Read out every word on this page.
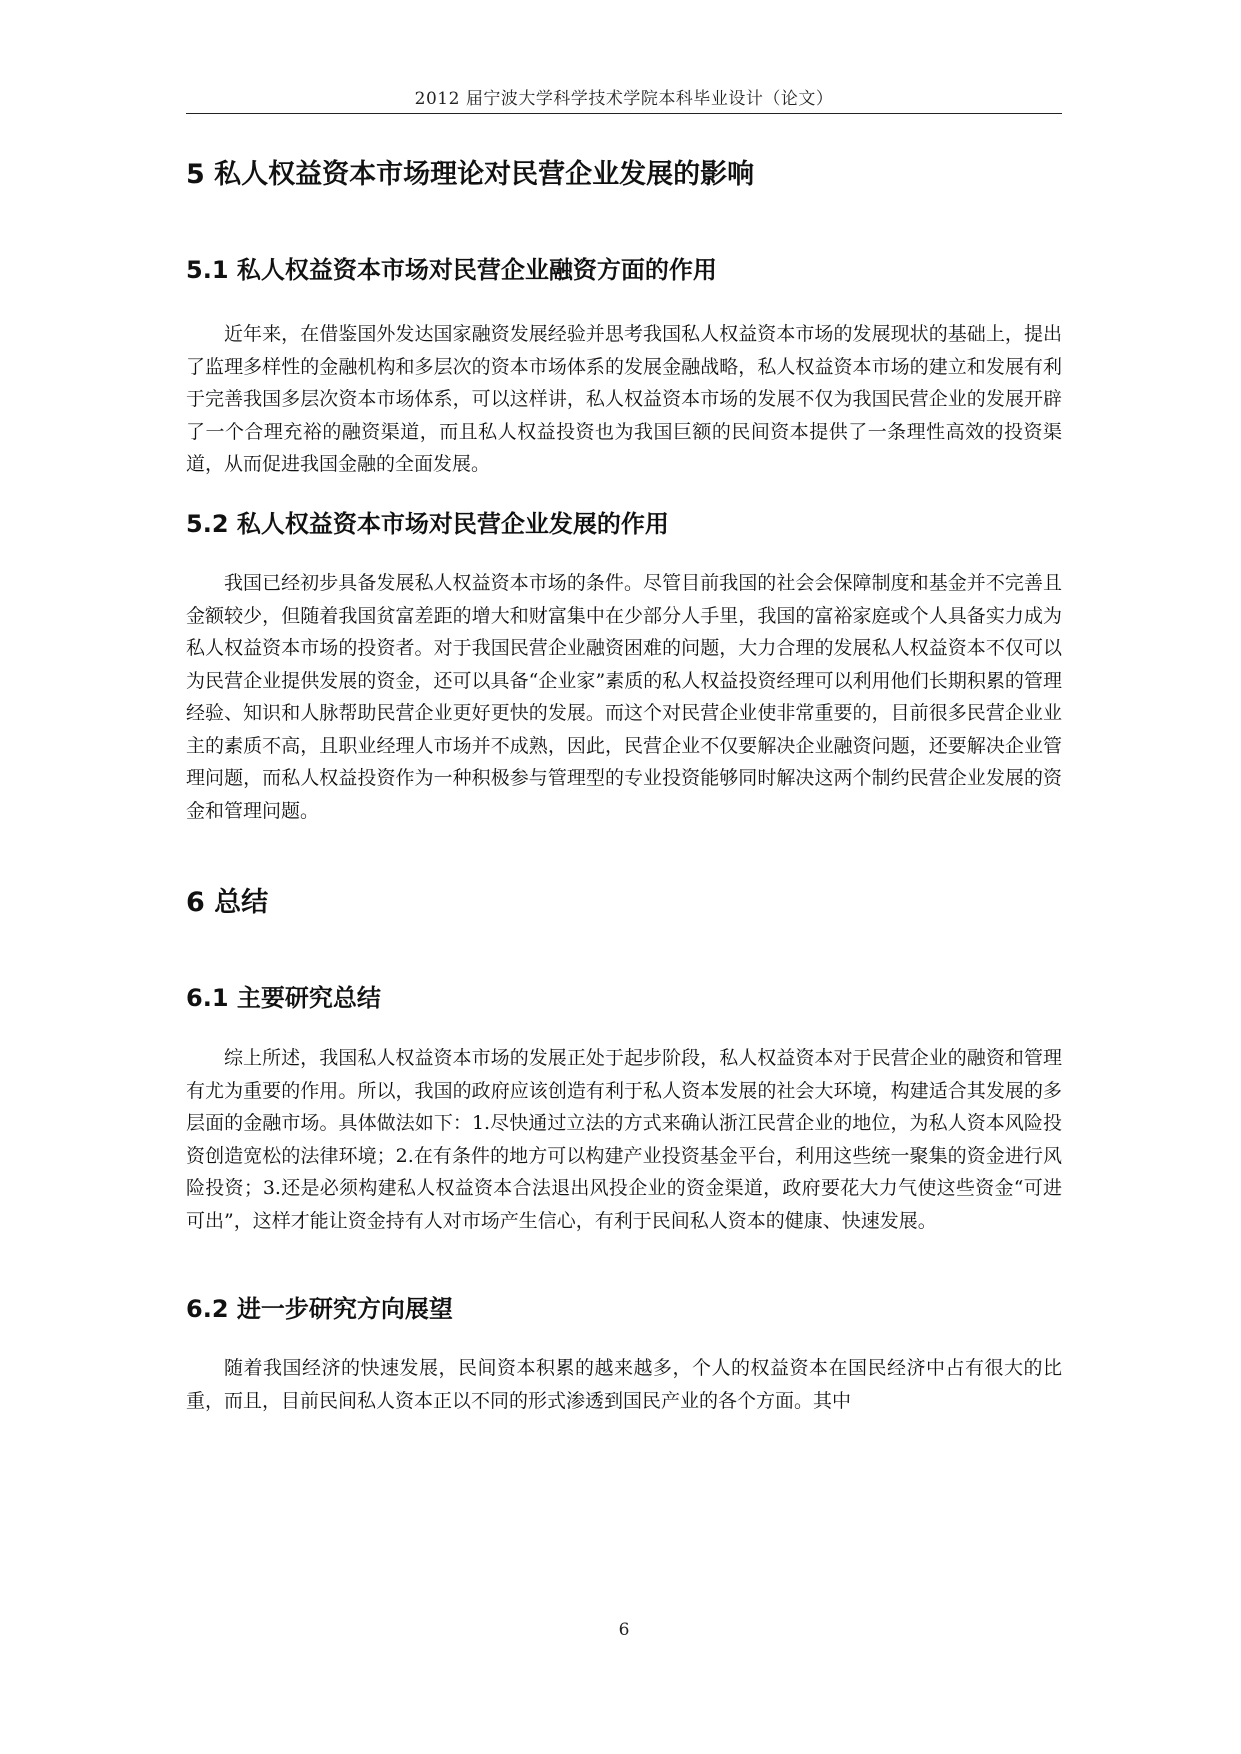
2012 届宁波大学科学技术学院本科毕业设计（论文）
5 私人权益资本市场理论对民营企业发展的影响
5.1 私人权益资本市场对民营企业融资方面的作用
近年来，在借鉴国外发达国家融资发展经验并思考我国私人权益资本市场的发展现状的基础上，提出了监理多样性的金融机构和多层次的资本市场体系的发展金融战略，私人权益资本市场的建立和发展有利于完善我国多层次资本市场体系，可以这样讲，私人权益资本市场的发展不仅为我国民营企业的发展开辟了一个合理充裕的融资渠道，而且私人权益投资也为我国巨额的民间资本提供了一条理性高效的投资渠道，从而促进我国金融的全面发展。
5.2 私人权益资本市场对民营企业发展的作用
我国已经初步具备发展私人权益资本市场的条件。尽管目前我国的社会会保障制度和基金并不完善且金额较少，但随着我国贫富差距的增大和财富集中在少部分人手里，我国的富裕家庭或个人具备实力成为私人权益资本市场的投资者。对于我国民营企业融资困难的问题，大力合理的发展私人权益资本不仅可以为民营企业提供发展的资金，还可以具备“企业家”素质的私人权益投资经理可以利用他们长期积累的管理经验、知识和人脉帮助民营企业更好更快的发展。而这个对民营企业使非常重要的，目前很多民营企业业主的素质不高，且职业经理人市场并不成熟，因此，民营企业不仅要解决企业融资问题，还要解决企业管理问题，而私人权益投资作为一种积极参与管理型的专业投资能够同时解决这两个制约民营企业发展的资金和管理问题。
6 总结
6.1 主要研究总结
综上所述，我国私人权益资本市场的发展正处于起步阶段，私人权益资本对于民营企业的融资和管理有尤为重要的作用。所以，我国的政府应该创造有利于私人资本发展的社会大环境，构建适合其发展的多层面的金融市场。具体做法如下：1.尽快通过立法的方式来确认浙江民营企业的地位，为私人资本风险投资创造宽松的法律环境；2.在有条件的地方可以构建产业投资基金平台，利用这些统一聚集的资金进行风险投资；3.还是必须构建私人权益资本合法退出风投企业的资金渠道，政府要花大力气使这些资金“可进可出”，这样才能让资金持有人对市场产生信心，有利于民间私人资本的健康、快速发展。
6.2 进一步研究方向展望
随着我国经济的快速发展，民间资本积累的越来越多，个人的权益资本在国民经济中占有很大的比重，而且，目前民间私人资本正以不同的形式渗透到国民产业的各个方面。其中
6
